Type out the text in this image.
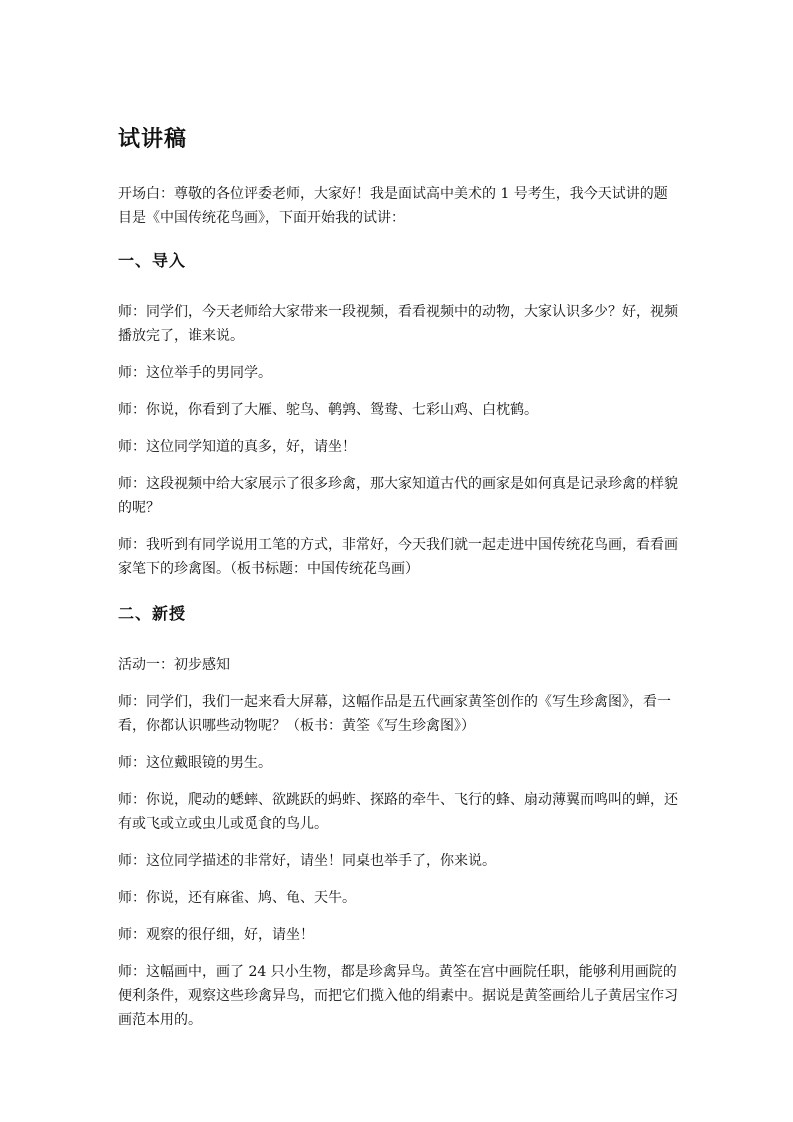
试讲稿

开场白：尊敬的各位评委老师，大家好！我是面试高中美术的 1 号考生，我今天试讲的题目是《中国传统花鸟画》，下面开始我的试讲：

一、导入

师：同学们，今天老师给大家带来一段视频，看看视频中的动物，大家认识多少？好，视频播放完了，谁来说。

师：这位举手的男同学。

师：你说，你看到了大雁、鸵鸟、鹌鹑、鸳鸯、七彩山鸡、白枕鹤。

师：这位同学知道的真多，好，请坐！

师：这段视频中给大家展示了很多珍禽，那大家知道古代的画家是如何真是记录珍禽的样貌的呢？

师：我听到有同学说用工笔的方式，非常好，今天我们就一起走进中国传统花鸟画，看看画家笔下的珍禽图。（板书标题：中国传统花鸟画）

二、新授

活动一：初步感知

师：同学们，我们一起来看大屏幕，这幅作品是五代画家黄筌创作的《写生珍禽图》，看一看，你都认识哪些动物呢？（板书：黄筌《写生珍禽图》）

师：这位戴眼镜的男生。

师：你说，爬动的蟋蟀、欲跳跃的蚂蚱、探路的牵牛、飞行的蜂、扇动薄翼而鸣叫的蝉，还有或飞或立或虫儿或觅食的鸟儿。

师：这位同学描述的非常好，请坐！同桌也举手了，你来说。

师：你说，还有麻雀、鸠、龟、天牛。

师：观察的很仔细，好，请坐！

师：这幅画中，画了 24 只小生物，都是珍禽异鸟。黄筌在宫中画院任职，能够利用画院的便利条件，观察这些珍禽异鸟，而把它们揽入他的绢素中。据说是黄筌画给儿子黄居宝作习画范本用的。
